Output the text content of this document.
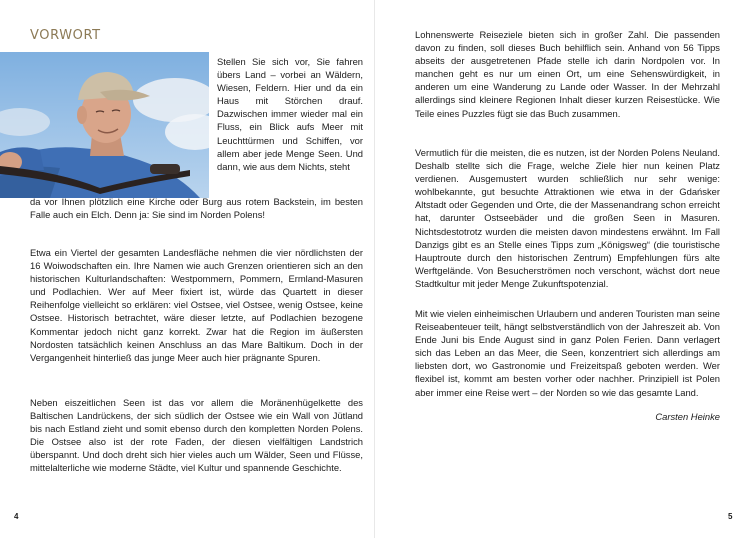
VORWORT

Stellen Sie sich vor, Sie fahren übers Land – vorbei an Wäldern, Wiesen, Feldern. Hier und da ein Haus mit Störchen drauf. Dazwischen immer wieder mal ein Fluss, ein Blick aufs Meer mit Leuchttürmen und Schiffen, vor allem aber jede Menge Seen. Und dann, wie aus dem Nichts, steht

da vor Ihnen plötzlich eine Kirche oder Burg aus rotem Backstein, im besten Falle auch ein Elch. Denn ja: Sie sind im Norden Polens!

Etwa ein Viertel der gesamten Landesfläche nehmen die vier nördlichsten der 16 Woiwodschaften ein. Ihre Namen wie auch Grenzen orientieren sich an den historischen Kulturlandschaften: Westpommern, Pommern, Ermland-Masuren und Podlachien. Wer auf Meer fixiert ist, würde das Quartett in dieser Reihenfolge vielleicht so erklären: viel Ostsee, viel Ostsee, wenig Ostsee, keine Ostsee. Historisch betrachtet, wäre dieser letzte, auf Podlachien bezogene Kommentar jedoch nicht ganz korrekt. Zwar hat die Region im äußersten Nordosten tatsächlich keinen Anschluss an das Mare Baltikum. Doch in der Vergangenheit hinterließ das junge Meer auch hier prägnante Spuren.

Neben eiszeitlichen Seen ist das vor allem die Moränenhügelkette des Baltischen Landrückens, der sich südlich der Ostsee wie ein Wall von Jütland bis nach Estland zieht und somit ebenso durch den kompletten Norden Polens. Die Ostsee also ist der rote Faden, der diesen vielfältigen Landstrich überspannt. Und doch dreht sich hier vieles auch um Wälder, Seen und Flüsse, mittelalterliche wie moderne Städte, viel Kultur und spannende Geschichte.

4

Lohnenswerte Reiseziele bieten sich in großer Zahl. Die passenden davon zu finden, soll dieses Buch behilflich sein. Anhand von 56 Tipps abseits der ausgetretenen Pfade stelle ich darin Nordpolen vor. In manchen geht es nur um einen Ort, um eine Sehenswürdigkeit, in anderen um eine Wanderung zu Lande oder Wasser. In der Mehrzahl allerdings sind kleinere Regionen Inhalt dieser kurzen Reisestücke. Wie Teile eines Puzzles fügt sie das Buch zusammen.

Vermutlich für die meisten, die es nutzen, ist der Norden Polens Neuland. Deshalb stellte sich die Frage, welche Ziele hier nun keinen Platz verdienen. Ausgemustert wurden schließlich nur sehr wenige: wohlbekannte, gut besuchte Attraktionen wie etwa in der Gdańsker Altstadt oder Gegenden und Orte, die der Massenandrang schon erreicht hat, darunter Ostseebäder und die großen Seen in Masuren. Nichtsdestotrotz wurden die meisten davon mindestens erwähnt. Im Fall Danzigs gibt es an Stelle eines Tipps zum „Königsweg“ (die touristische Hauptroute durch den historischen Zentrum) Empfehlungen fürs alte Werftgelände. Von Besucherströmen noch verschont, wächst dort neue Stadtkultur mit jeder Menge Zukunftspotenzial.

Mit wie vielen einheimischen Urlaubern und anderen Touristen man seine Reiseabenteuer teilt, hängt selbstverständlich von der Jahreszeit ab. Von Ende Juni bis Ende August sind in ganz Polen Ferien. Dann verlagert sich das Leben an das Meer, die Seen, konzentriert sich allerdings am liebsten dort, wo Gastronomie und Freizeitspaß geboten werden. Wer flexibel ist, kommt am besten vorher oder nachher. Prinzipiell ist Polen aber immer eine Reise wert – der Norden so wie das gesamte Land.

Carsten Heinke
5
